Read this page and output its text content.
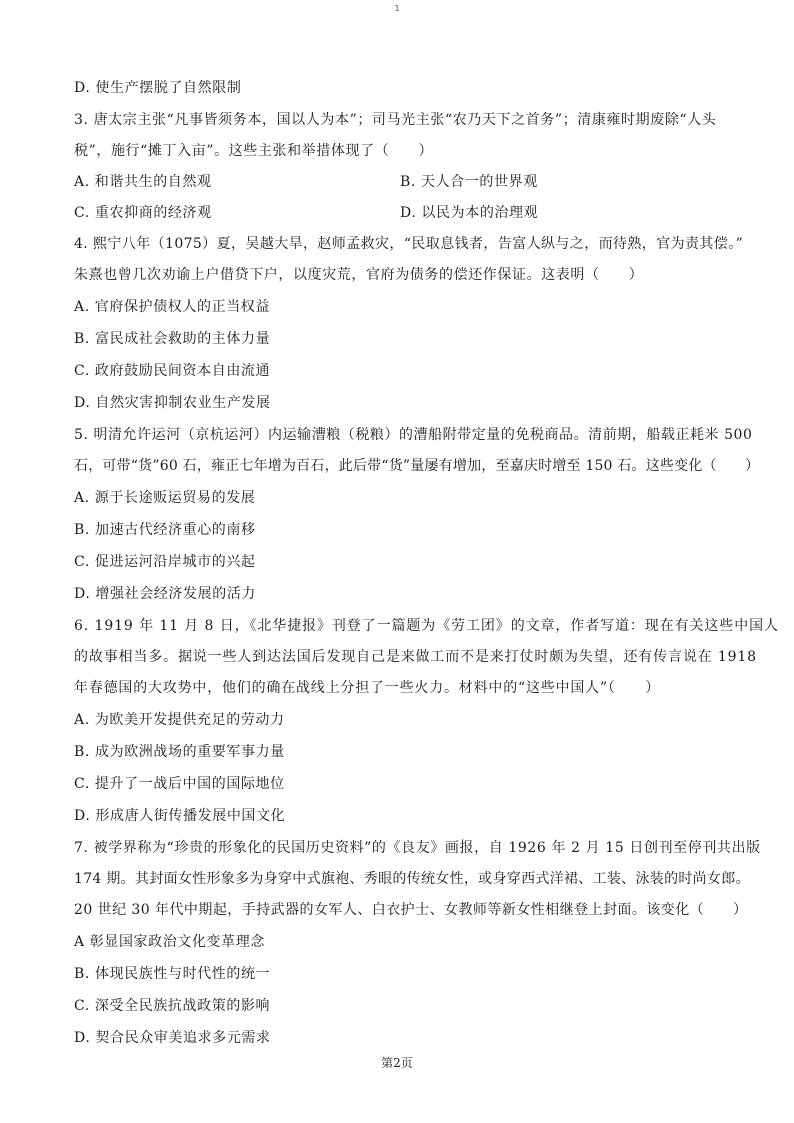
1
D. 使生产摆脱了自然限制
3. 唐太宗主张“凡事皆须务本，国以人为本”；司马光主张“农乃天下之首务”；清康雍时期废除“人头
税”，施行“摊丁入亩”。这些主张和举措体现了（　　）
A. 和谐共生的自然观	B. 天人合一的世界观
C. 重农抑商的经济观	D. 以民为本的治理观
4. 熙宁八年（1075）夏，吴越大旱，赵师孟救灾，“民取息钱者，告富人纵与之，而待熟，官为责其偿。”
朱熹也曾几次劝谕上户借贷下户，以度灾荒，官府为债务的偿还作保证。这表明（　　）
A. 官府保护债权人的正当权益
B. 富民成社会救助的主体力量
C. 政府鼓励民间资本自由流通
D. 自然灾害抑制农业生产发展
5. 明清允许运河（京杭运河）内运输漕粮（税粮）的漕船附带定量的免税商品。清前期，船载正耗米 500
石，可带“货”60 石，雍正七年增为百石，此后带“货”量屡有增加，至嘉庆时增至 150 石。这些变化（　　）
A. 源于长途贩运贸易的发展
B. 加速古代经济重心的南移
C. 促进运河沿岸城市的兴起
D. 增强社会经济发展的活力
6. 1919 年 11 月 8 日，《北华捷报》刊登了一篇题为《劳工团》的文章，作者写道：现在有关这些中国人
的故事相当多。据说一些人到达法国后发现自己是来做工而不是来打仗时颇为失望，还有传言说在 1918
年春德国的大攻势中，他们的确在战线上分担了一些火力。材料中的“这些中国人”（　　）
A. 为欧美开发提供充足的劳动力
B. 成为欧洲战场的重要军事力量
C. 提升了一战后中国的国际地位
D. 形成唐人街传播发展中国文化
7. 被学界称为“珍贵的形象化的民国历史资料”的《良友》画报，自 1926 年 2 月 15 日创刊至停刊共出版
174 期。其封面女性形象多为身穿中式旗袍、秀眼的传统女性，或身穿西式洋裙、工装、泳装的时尚女郎。
20 世纪 30 年代中期起，手持武器的女军人、白衣护士、女教师等新女性相继登上封面。该变化（　　）
A 彰显国家政治文化变革理念
B. 体现民族性与时代性的统一
C. 深受全民族抗战政策的影响
D. 契合民众审美追求多元需求
第2页
